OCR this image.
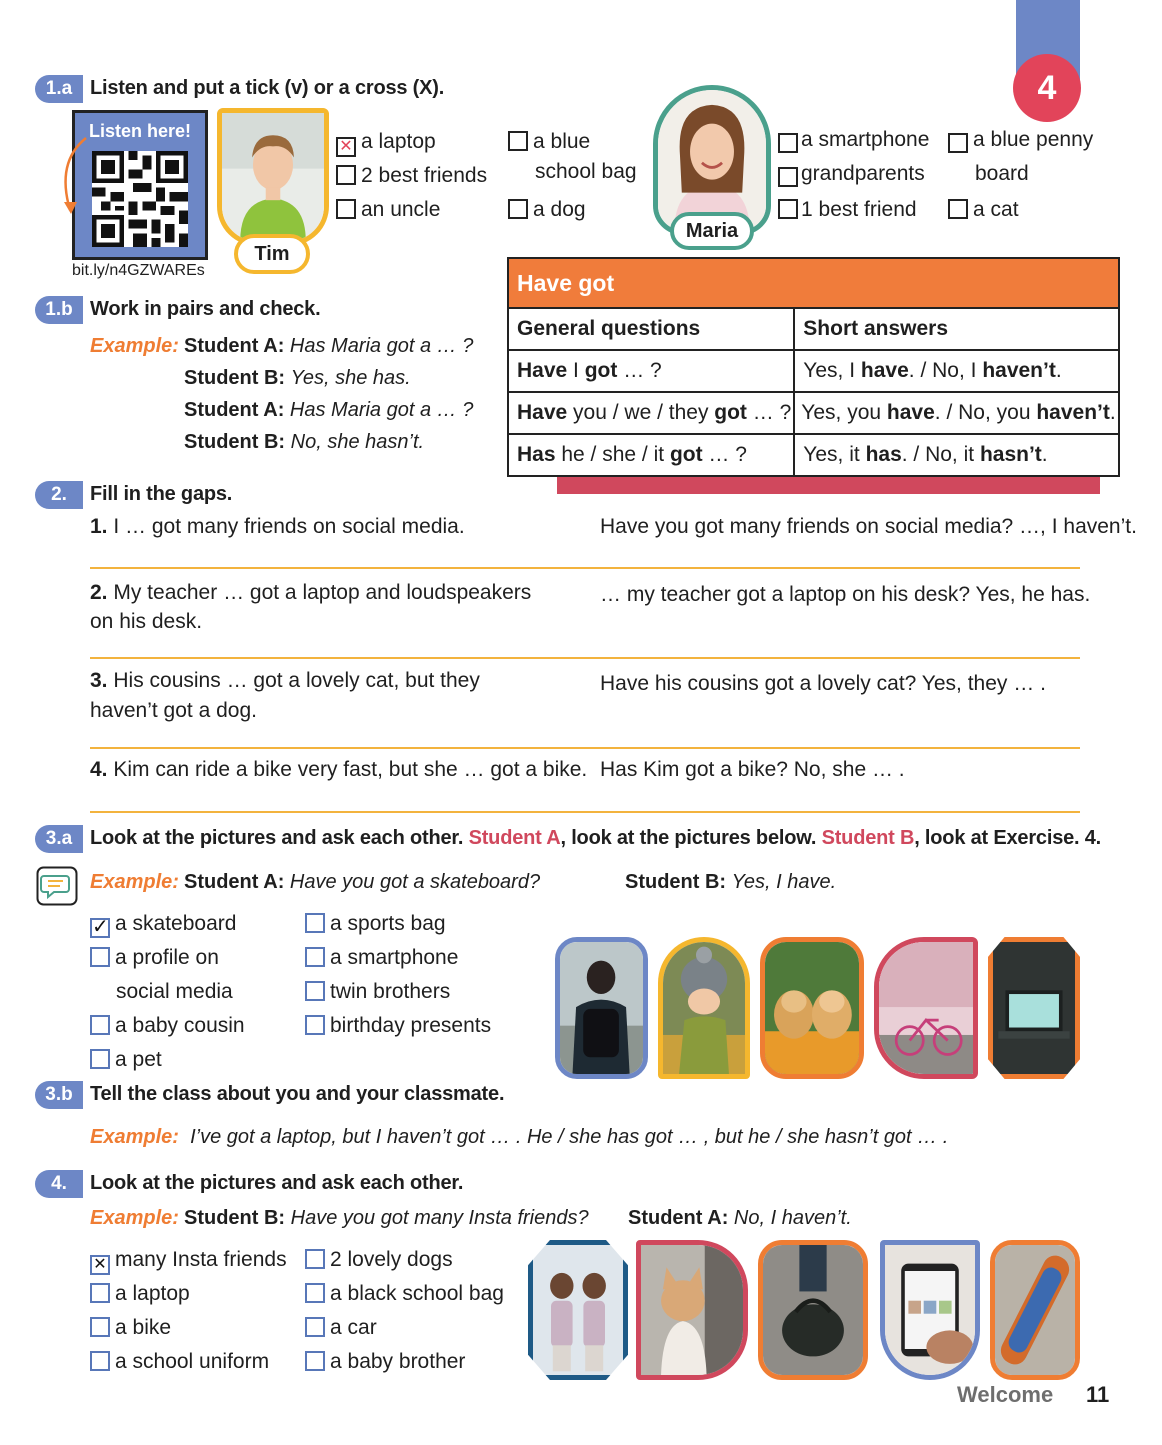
4
1.a Listen and put a tick (v) or a cross (X).
Listen here!
bit.ly/n4GZWAREs
Tim
✕ a laptop
2 best friends
an uncle
a blue
school bag
a dog
Maria
a smartphone
grandparents
1 best friend
a blue penny
board
a cat
Have got	
General questions	Short answers
Have I got … ?	Yes, I have. / No, I haven’t.
Have you / we / they got … ?	Yes, you have. / No, you haven’t.
Has he / she / it got … ?	Yes, it has. / No, it hasn’t.
1.b Work in pairs and check.
Example: Student A: Has Maria got a … ?
Student B: Yes, she has.
Student A: Has Maria got a … ?
Student B: No, she hasn’t.
2.	Fill in the gaps.
1. I … got many friends on social media.	Have you got many friends on social media? …, I haven’t.
2. My teacher … got a laptop and loudspeakers
on his desk.
… my teacher got a laptop on his desk? Yes, he has.
3. His cousins … got a lovely cat, but they
haven’t got a dog.
Have his cousins got a lovely cat? Yes, they … .
4. Kim can ride a bike very fast, but she … got a bike. Has Kim got a bike? No, she … .
3.a Look at the pictures and ask each other. Student A, look at the pictures below. Student B, look at Exercise. 4.
Example: Student A: Have you got a skateboard?	Student B: Yes, I have.
✓ a skateboard
a profile on
social media
a baby cousin
a pet
a sports bag
a smartphone
twin brothers
birthday presents
3.b Tell the class about you and your classmate.
Example: I’ve got a laptop, but I haven’t got … . He / she has got … , but he / she hasn’t got … .
4.	Look at the pictures and ask each other.
Example: Student B: Have you got many Insta friends? Student A: No, I haven’t.
✕ many Insta friends
a laptop
a bike
a school uniform
2 lovely dogs
a black school bag
a car
a baby brother
Welcome 11
